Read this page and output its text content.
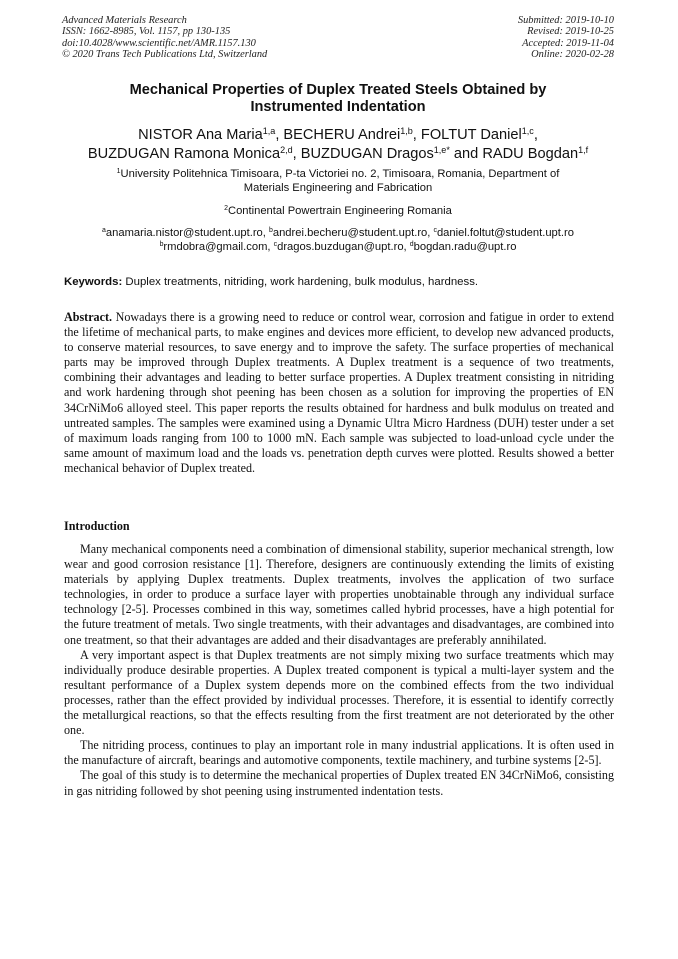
Advanced Materials Research
ISSN: 1662-8985, Vol. 1157, pp 130-135
doi:10.4028/www.scientific.net/AMR.1157.130
© 2020 Trans Tech Publications Ltd, Switzerland
Submitted: 2019-10-10
Revised: 2019-10-25
Accepted: 2019-11-04
Online: 2020-02-28
Mechanical Properties of Duplex Treated Steels Obtained by
Instrumented Indentation
NISTOR Ana Maria$^{1,a}$, BECHERU Andrei$^{1,b}$, FOLTUT Daniel$^{1,c}$,
BUZDUGAN Ramona Monica$^{2,d}$, BUZDUGAN Dragos$^{1,e*}$ and RADU Bogdan$^{1,f}$
$^1$University Politehnica Timisoara, P-ta Victoriei no. 2, Timisoara, Romania, Department of
Materials Engineering and Fabrication
$^2$Continental Powertrain Engineering Romania
$^a$anamaria.nistor@student.upt.ro, $^b$andrei.becheru@student.upt.ro, $^c$daniel.foltut@student.upt.ro
$^b$rmdobra@gmail.com, $^c$dragos.buzdugan@upt.ro, $^d$bogdan.radu@upt.ro
Keywords: Duplex treatments, nitriding, work hardening, bulk modulus, hardness.

Abstract. Nowadays there is a growing need to reduce or control wear, corrosion and fatigue in order to extend the lifetime of mechanical parts, to make engines and devices more efficient, to develop new advanced products, to conserve material resources, to save energy and to improve the safety. The surface properties of mechanical parts may be improved through Duplex treatments. A Duplex treatment is a sequence of two treatments, combining their advantages and leading to better surface properties. A Duplex treatment consisting in nitriding and work hardening through shot peening has been chosen as a solution for improving the properties of EN 34CrNiMo6 alloyed steel. This paper reports the results obtained for hardness and bulk modulus on treated and untreated samples. The samples were examined using a Dynamic Ultra Micro Hardness (DUH) tester under a set of maximum loads ranging from 100 to 1000 mN. Each sample was subjected to load-unload cycle under the same amount of maximum load and the loads vs. penetration depth curves were plotted. Results showed a better mechanical behavior of Duplex treated.

Introduction

Many mechanical components need a combination of dimensional stability, superior mechanical strength, low wear and good corrosion resistance [1]. Therefore, designers are continuously extending the limits of existing materials by applying Duplex treatments. Duplex treatments, involves the application of two surface technologies, in order to produce a surface layer with properties unobtainable through any individual surface technology [2-5]. Processes combined in this way, sometimes called hybrid processes, have a high potential for the future treatment of metals. Two single treatments, with their advantages and disadvantages, are combined into one treatment, so that their advantages are added and their disadvantages are preferably annihilated.

A very important aspect is that Duplex treatments are not simply mixing two surface treatments which may individually produce desirable properties. A Duplex treated component is typical a multi-layer system and the resultant performance of a Duplex system depends more on the combined effects from the two individual processes, rather than the effect provided by individual processes. Therefore, it is essential to identify correctly the metallurgical reactions, so that the effects resulting from the first treatment are not deteriorated by the other one.

The nitriding process, continues to play an important role in many industrial applications. It is often used in the manufacture of aircraft, bearings and automotive components, textile machinery, and turbine systems [2-5].

The goal of this study is to determine the mechanical properties of Duplex treated EN 34CrNiMo6, consisting in gas nitriding followed by shot peening using instrumented indentation tests.
